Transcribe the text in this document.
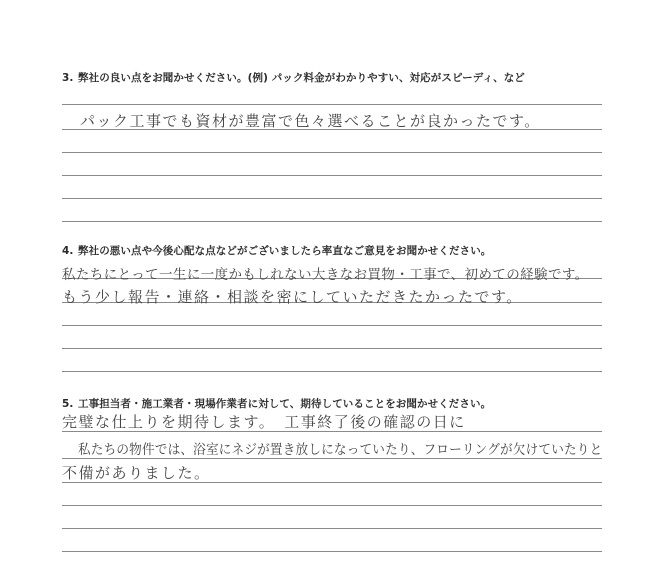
3. 弊社の良い点をお聞かせください。(例) パック料金がわかりやすい、対応がスピーディ、など
パック工事でも資材が豊富で色々選べることが良かったです。
4. 弊社の悪い点や今後心配な点などがございましたら率直なご意見をお聞かせください。
私たちにとって一生に一度かもしれない大きなお買物・工事で、初めての経験です。
もう少し報告・連絡・相談を密にしていただきたかったです。
5. 工事担当者・施工業者・現場作業者に対して、期待していることをお聞かせください。
完璧な仕上りを期待します。　工事終了後の確認の日に
私たちの物件では、浴室にネジが置き放しになっていたり、フローリングが欠けていたりと
不備がありました。
